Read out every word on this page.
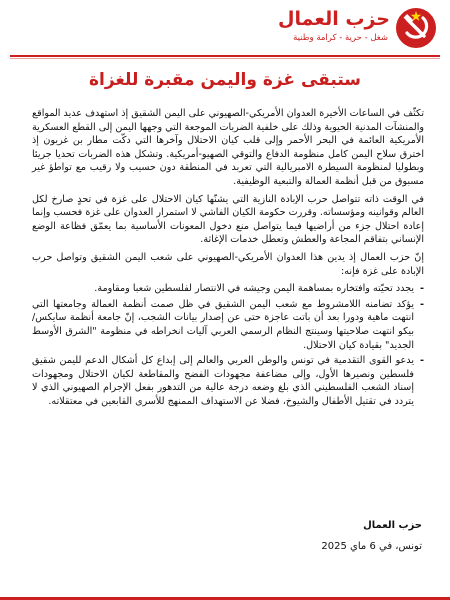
حزب العمال
شغل - حرية - كرامة وطنية
ستبقى غزة واليمن مقبرة للغزاة

تكثّف في الساعات الأخيرة العدوان الأمريكي-الصهيوني على اليمن الشقيق إذ استهدف عديد المواقع والمنشآت المدنية الحيوية وذلك على خلفية الضربات الموجعة التي وجهها اليمن إلى القطع العسكرية الأمريكية العائمة في البحر الأحمر وإلى قلب كيان الاحتلال وآخرها التي دكّت مطار بن غريون إذ اخترق سلاح اليمن كامل منظومة الدفاع والتوقي الصهيو-أمريكية. وتشكل هذه الضربات تحديا جريئا وبطوليا لمنظومة السيطرة الامبريالية التي تعربد في المنطقة دون حسيب ولا رقيب مع تواطؤ غير مسبوق من قبل أنظمة العمالة والتبعية الوظيفية.

في الوقت ذاته تتواصل حرب الإبادة النازية التي يشنّها كيان الاحتلال على غزة في تحدٍ صارخ لكل العالم وقوانينه ومؤسساته. وقررت حكومة الكيان الفاشي لا استمرار العدوان على غزة فحسب وإنما إعادة احتلال جزء من أراضيها فيما يتواصل منع دخول المعونات الأساسية بما يعمّق فظاعة الوضع الإنساني بتفاقم المجاعة والعطش وتعطل خدمات الإغاثة.

إنّ حزب العمال إذ يدين هذا العدوان الأمريكي-الصهيوني على شعب اليمن الشقيق وتواصل حرب الإبادة على غزة فإنه:

- يجدد تحيّته وافتخاره بمساهمة اليمن وجيشه في الانتصار لفلسطين شعبا ومقاومة.
- يؤكد تضامنه اللامشروط مع شعب اليمن الشقيق في ظل صمت أنظمة العمالة وجامعتها التي انتهت ماهية ودورا بعد أن باتت عاجزة حتى عن إصدار بيانات الشجب، إنّ جامعة أنظمة سايكس/بيكو انتهت صلاحيتها وسينتج النظام الرسمي العربي آليات انخراطه في منظومة "الشرق الأوسط الجديد" بقيادة كيان الاحتلال.
- يدعو القوى التقدمية في تونس والوطن العربي والعالم إلى إبداع كل أشكال الدعم لليمن شقيق فلسطين ونصيرها الأول، وإلى مضاعفة مجهودات الفضح والمقاطعة لكيان الاحتلال ومجهودات إسناد الشعب الفلسطيني الذي بلغ وضعه درجة عالية من التدهور بفعل الإجرام الصهيوني الذي لا يتردد في تقتيل الأطفال والشيوخ، فضلا عن الاستهداف الممنهج للأسرى القابعين في معتقلاته.
حزب العمال
تونس، في 6 ماي 2025
